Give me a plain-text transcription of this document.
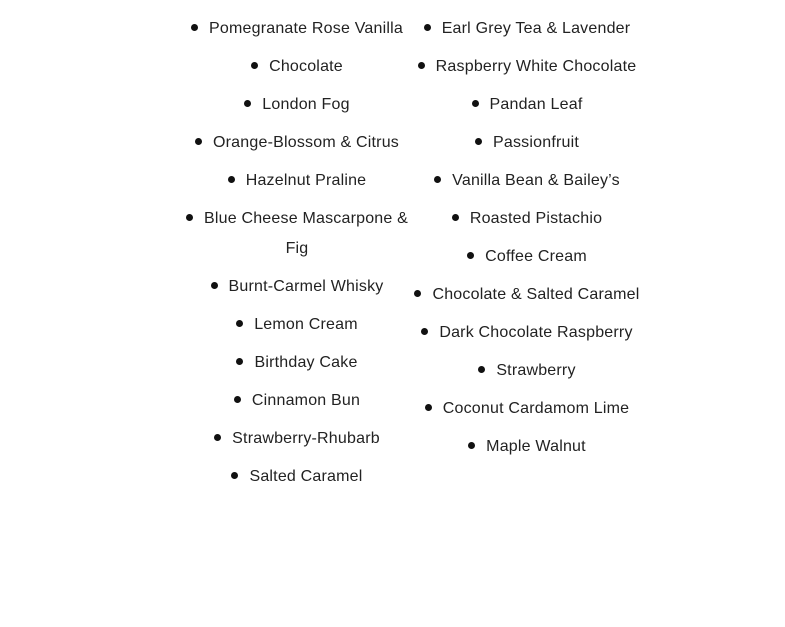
Pomegranate Rose Vanilla
Chocolate
London Fog
Orange-Blossom & Citrus
Hazelnut Praline
Blue Cheese Mascarpone & Fig
Burnt-Carmel Whisky
Lemon Cream
Birthday Cake
Cinnamon Bun
Strawberry-Rhubarb
Salted Caramel
Earl Grey Tea & Lavender
Raspberry White Chocolate
Pandan Leaf
Passionfruit
Vanilla Bean & Bailey’s
Roasted Pistachio
Coffee Cream
Chocolate & Salted Caramel
Dark Chocolate Raspberry
Strawberry
Coconut Cardamom Lime
Maple Walnut
